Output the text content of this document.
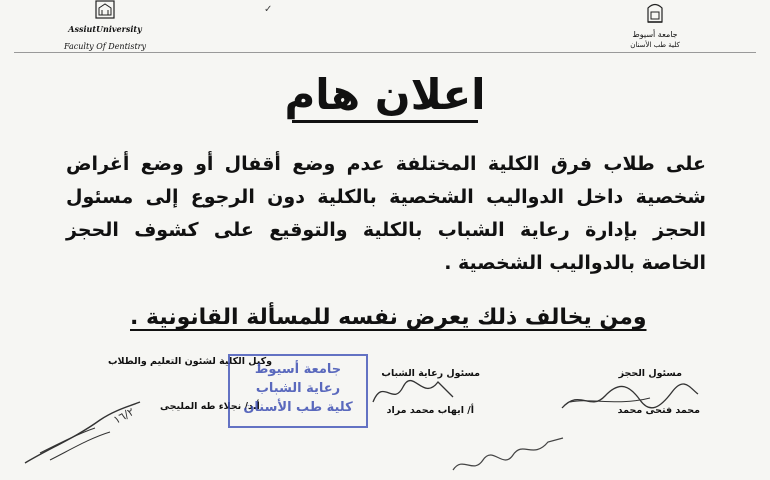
AssiutUniversity
Faculty Of Dentistry
✓
جامعة أسيوط
كلية طب الأسنان
اعلان هام
على طلاب فرق الكلية المختلفة عدم وضع أقفال أو وضع أغراض شخصية داخل الدواليب الشخصية بالكلية دون الرجوع إلى مسئول الحجز بإدارة رعاية الشباب بالكلية والتوقيع على كشوف الحجز الخاصة بالدواليب الشخصية .
ومن يخالف ذلك يعرض نفسه للمسألة القانونية .
مسئول الحجز
محمد فتحى محمد
مسئول رعاية الشباب
أ/ ايهاب محمد مراد
وكيل الكلية لشئون التعليم والطلاب
أ.د/ نجلاء طه المليجى
جامعة أسيوط
رعاية الشباب
كلية طب الأسنان
١٦/٢
